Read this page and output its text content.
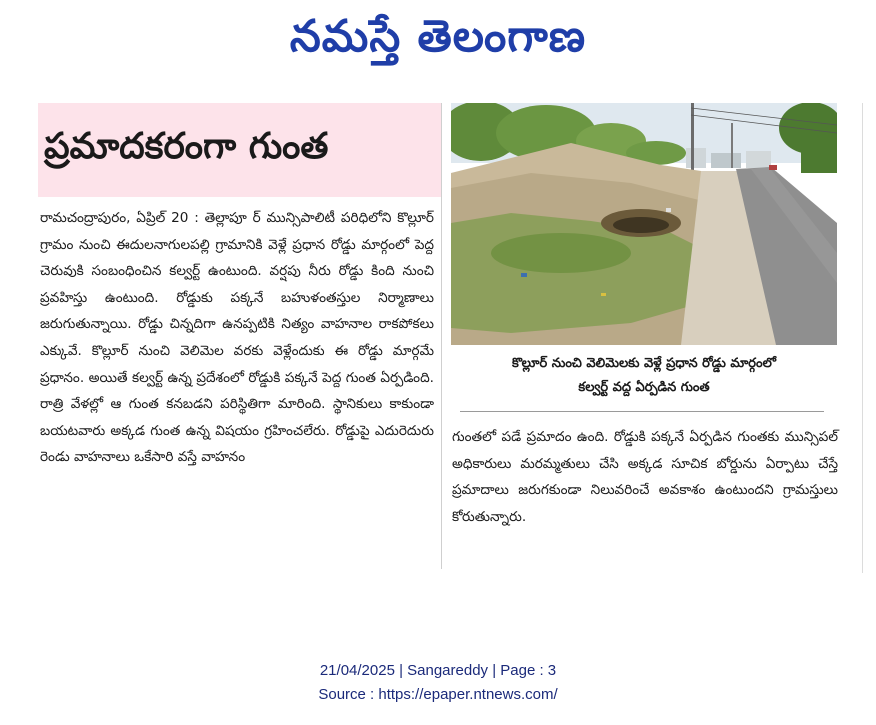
నమస్తే తెలంగాణ
ప్రమాదకరంగా గుంత

రామచంద్రాపురం, ఏప్రిల్ 20 : తెల్లాపూ ర్ మున్సిపాలిటీ పరిధిలోని కొల్లూర్ గ్రామం నుంచి ఈదులనాగులపల్లి గ్రామానికి వెళ్లే ప్రధాన రోడ్డు మార్గంలో పెద్ద చెరువుకి సంబంధించిన కల్వర్ట్ ఉంటుంది. వర్షపు నీరు రోడ్డు కింది నుంచి ప్రవహిస్తు ఉంటుంది. రోడ్డుకు పక్కనే బహుళంతస్తుల నిర్మాణాలు జరుగుతున్నాయి. రోడ్డు చిన్నదిగా ఉనప్పటికి నిత్యం వాహనాల రాకపోకలు ఎక్కువే. కొల్లూర్ నుంచి వెలిమెల వరకు వెళ్లేందుకు ఈ రోడ్డు మార్గమే ప్రధానం. అయితే కల్వర్ట్ ఉన్న ప్రదేశంలో రోడ్డుకి పక్కనే పెద్ద గుంత ఏర్పడింది. రాత్రి వేళల్లో ఆ గుంత కనబడని పరిస్థితిగా మారింది. స్థానికులు కాకుండా బయటవారు అక్కడ గుంత ఉన్న విషయం గ్రహించలేరు. రోడ్డుపై ఎదురెదురు రెండు వాహనాలు ఒకేసారి వస్తే వాహనం

కొల్లూర్ నుంచి వెలిమెలకు వెళ్లే ప్రధాన రోడ్డు మార్గంలో
కల్వర్ట్ వద్ద ఏర్పడిన గుంత

గుంతలో పడే ప్రమాదం ఉంది. రోడ్డుకి పక్కనే ఏర్పడిన గుంతకు మున్సిపల్ అధికారులు మరమ్మతులు చేసి అక్కడ సూచిక బోర్డును ఏర్పాటు చేస్తే ప్రమాదాలు జరుగకుండా నిలువరించే అవకాశం ఉంటుందని గ్రామస్తులు కోరుతున్నారు.

21/04/2025 | Sangareddy | Page : 3
Source : https://epaper.ntnews.com/
